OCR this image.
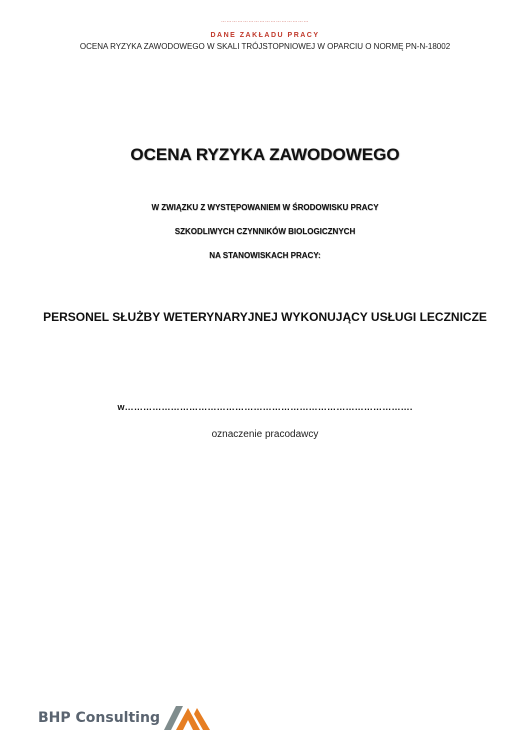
…………………………………………
DANE ZAKŁADU PRACY
OCENA RYZYKA ZAWODOWEGO W SKALI TRÓJSTOPNIOWEJ W OPARCIU O NORMĘ PN-N-18002
OCENA RYZYKA ZAWODOWEGO
W ZWIĄZKU Z WYSTĘPOWANIEM W ŚRODOWISKU PRACY
SZKODLIWYCH CZYNNIKÓW BIOLOGICZNYCH
NA STANOWISKACH PRACY:
PERSONEL SŁUŻBY WETERYNARYJNEJ WYKONUJĄCY USŁUGI LECZNICZE
w………………………………………………………………………………….
oznaczenie pracodawcy
BHP Consulting
